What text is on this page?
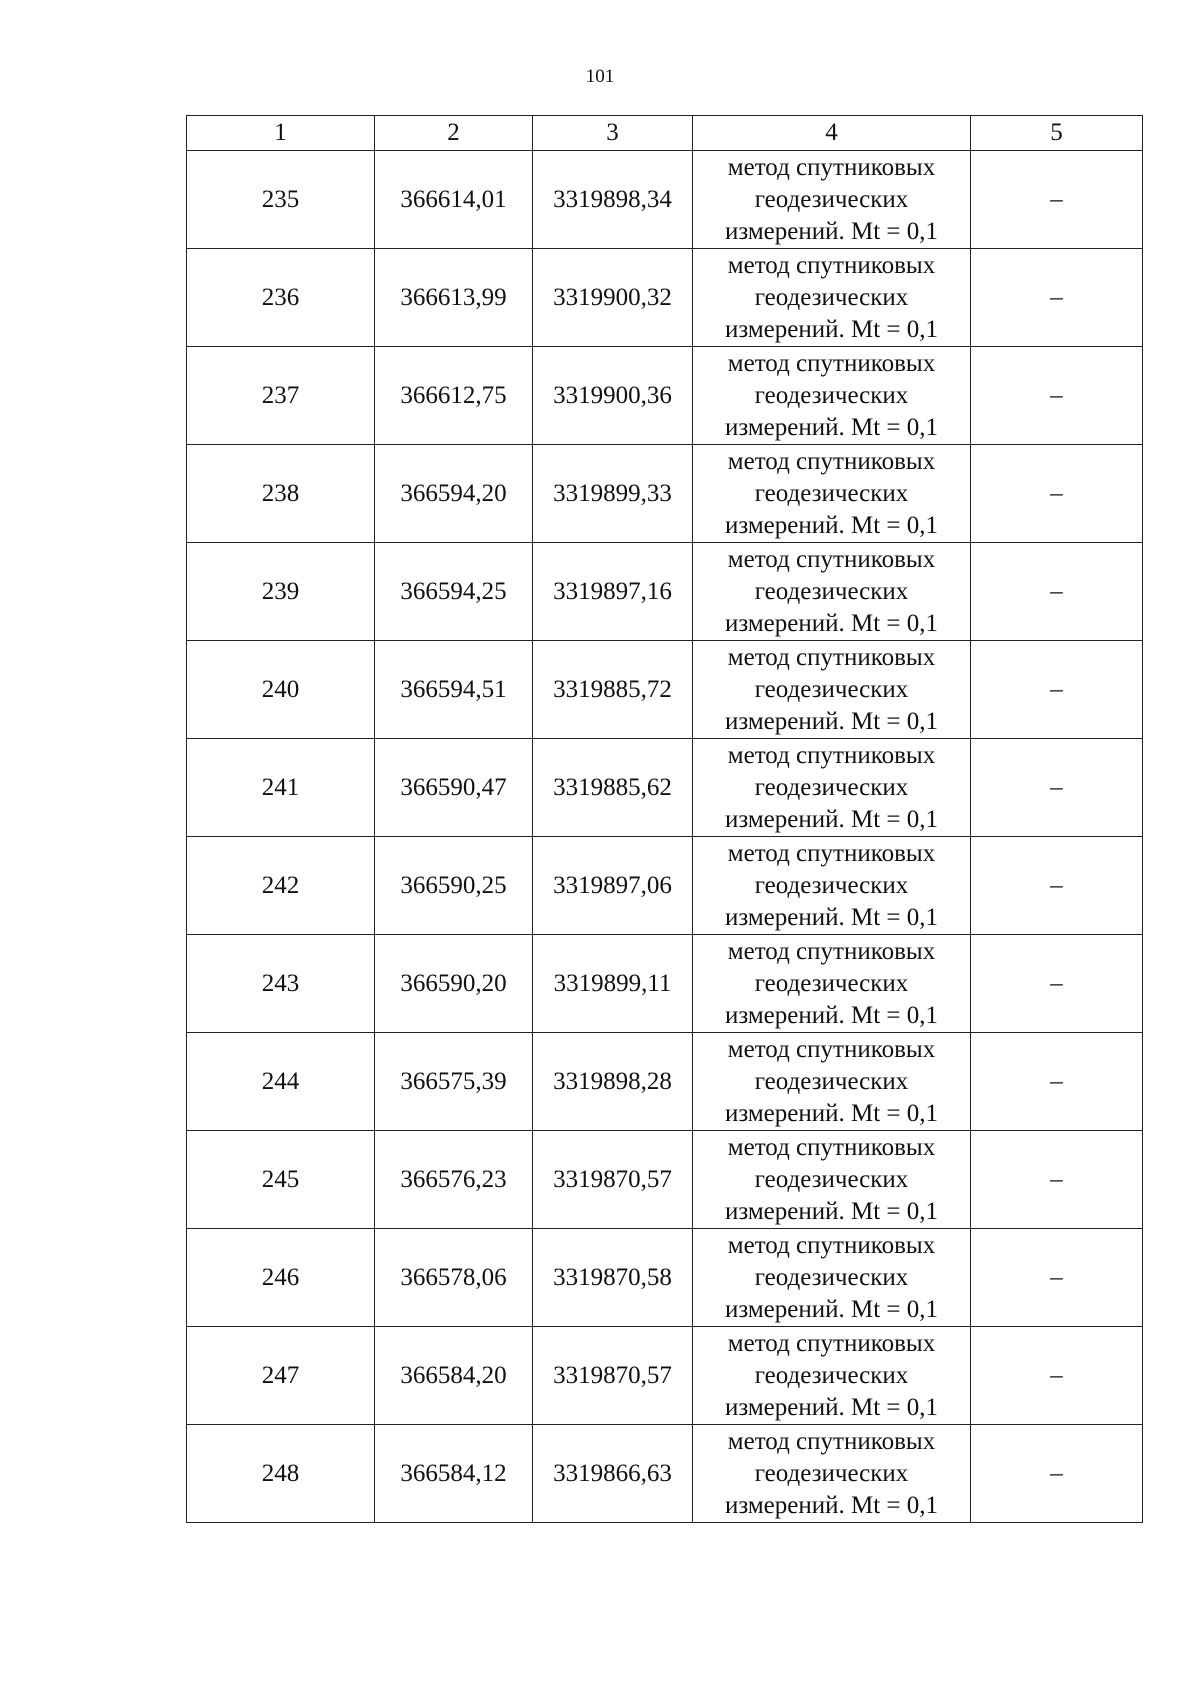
101
1	2	3	4	5
235	366614,01	3319898,34	метод спутниковых
геодезических
измерений. Mt = 0,1	–
236	366613,99	3319900,32	метод спутниковых
геодезических
измерений. Mt = 0,1	–
237	366612,75	3319900,36	метод спутниковых
геодезических
измерений. Mt = 0,1	–
238	366594,20	3319899,33	метод спутниковых
геодезических
измерений. Mt = 0,1	–
239	366594,25	3319897,16	метод спутниковых
геодезических
измерений. Mt = 0,1	–
240	366594,51	3319885,72	метод спутниковых
геодезических
измерений. Mt = 0,1	–
241	366590,47	3319885,62	метод спутниковых
геодезических
измерений. Mt = 0,1	–
242	366590,25	3319897,06	метод спутниковых
геодезических
измерений. Mt = 0,1	–
243	366590,20	3319899,11	метод спутниковых
геодезических
измерений. Mt = 0,1	–
244	366575,39	3319898,28	метод спутниковых
геодезических
измерений. Mt = 0,1	–
245	366576,23	3319870,57	метод спутниковых
геодезических
измерений. Mt = 0,1	–
246	366578,06	3319870,58	метод спутниковых
геодезических
измерений. Mt = 0,1	–
247	366584,20	3319870,57	метод спутниковых
геодезических
измерений. Mt = 0,1	–
248	366584,12	3319866,63	метод спутниковых
геодезических
измерений. Mt = 0,1	–
